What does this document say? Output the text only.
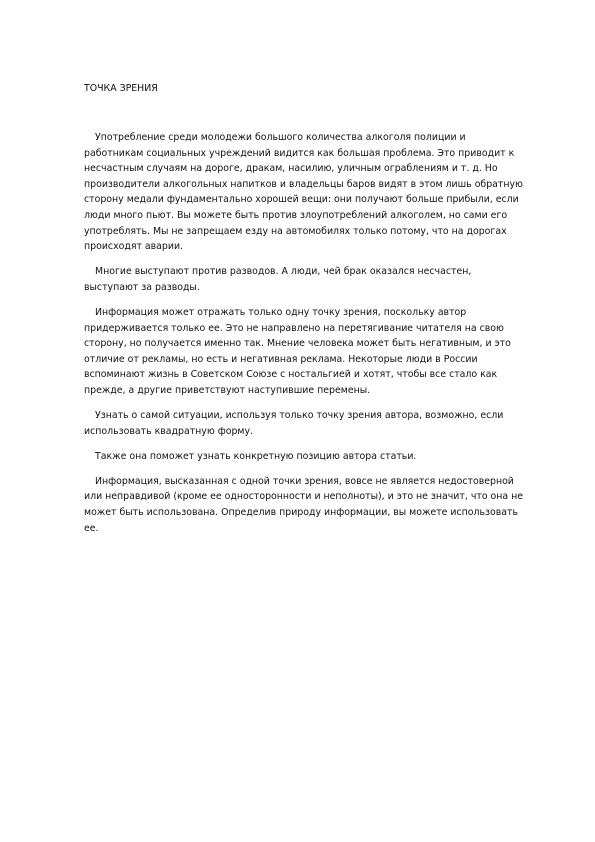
ТОЧКА ЗРЕНИЯ

Употребление среди молодежи большого количества алкоголя полиции и работникам социальных учреждений видится как большая проблема. Это приводит к несчастным случаям на дороге, дракам, насилию, уличным ограблениям и т. д. Но производители алкогольных напитков и владельцы баров видят в этом лишь обратную сторону медали фундаментально хорошей вещи: они получают больше прибыли, если люди много пьют. Вы можете быть против злоупотреблений алкоголем, но сами его употреблять. Мы не запрещаем езду на автомобилях только потому, что на дорогах происходят аварии.

Многие выступают против разводов. А люди, чей брак оказался несчастен, выступают за разводы.

Информация может отражать только одну точку зрения, поскольку автор придерживается только ее. Это не направлено на перетягивание читателя на свою сторону, но получается именно так. Мнение человека может быть негативным, и это отличие от рекламы, но есть и негативная реклама. Некоторые люди в России вспоминают жизнь в Советском Союзе с ностальгией и хотят, чтобы все стало как прежде, а другие приветствуют наступившие перемены.

Узнать о самой ситуации, используя только точку зрения автора, возможно, если использовать квадратную форму.

Также она поможет узнать конкретную позицию автора статьи.

Информация, высказанная с одной точки зрения, вовсе не является недостоверной или неправдивой (кроме ее односторонности и неполноты), и это не значит, что она не может быть использована. Определив природу информации, вы можете использовать ее.
